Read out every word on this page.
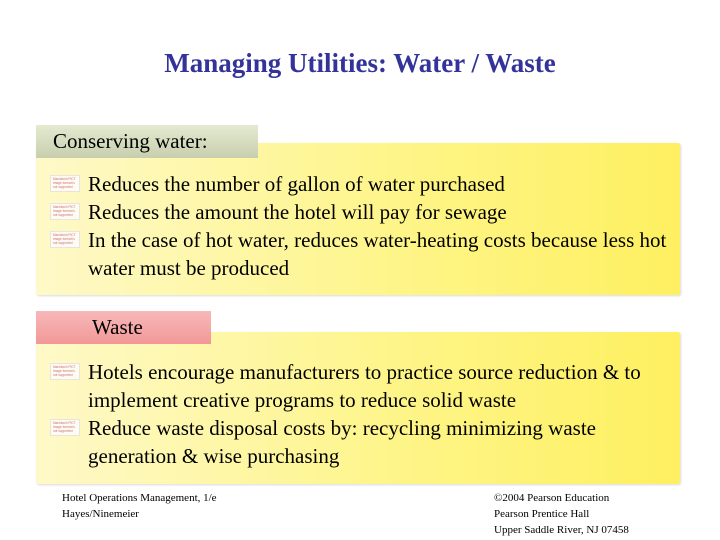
Managing Utilities: Water / Waste
Conserving water:
Macintosh PICT image format is not supported Reduces the number of gallon of water purchased
Macintosh PICT image format is not supported Reduces the amount the hotel will pay for sewage
Macintosh PICT image format is not supported In the case of hot water, reduces water-heating costs because less hot water must be produced
Waste
Macintosh PICT image format is not supported Hotels encourage manufacturers to practice source reduction & to implement creative programs to reduce solid waste
Macintosh PICT image format is not supported Reduce waste disposal costs by: recycling minimizing waste generation & wise purchasing
Hotel Operations Management, 1/e
Hayes/Ninemeier
©2004 Pearson Education
Pearson Prentice Hall
Upper Saddle River, NJ 07458
